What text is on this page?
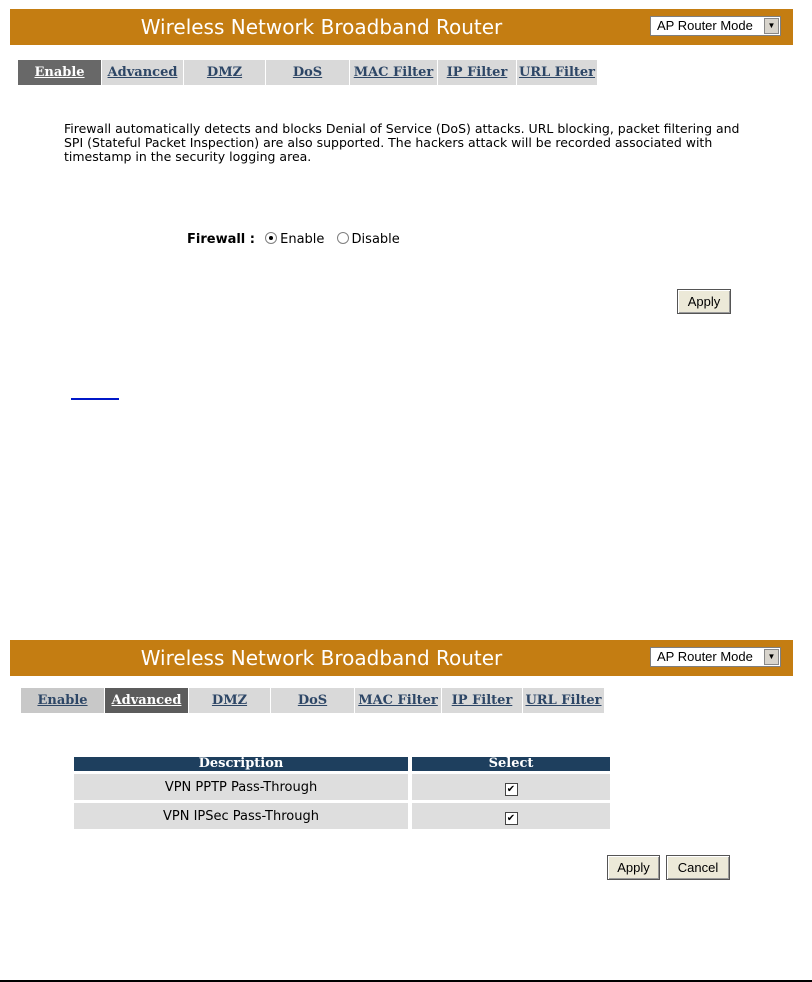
Wireless Network Broadband Router	AP Router Mode	▼
Enable	Advanced	DMZ	DoS	MAC Filter	IP Filter URL Filter
Firewall automatically detects and blocks Denial of Service (DoS) attacks. URL blocking, packet filtering and SPI (Stateful Packet Inspection) are also supported. The hackers attack will be recorded associated with timestamp in the security logging area.
Firewall : Enable Disable
Apply
Wireless Network Broadband Router	AP Router Mode	▼
Enable	Advanced	DMZ	DoS	MAC Filter	IP Filter	URL Filter
Description		Select
VPN PPTP Pass-Through		✔
VPN IPSec Pass-Through		✔
Apply	Cancel
